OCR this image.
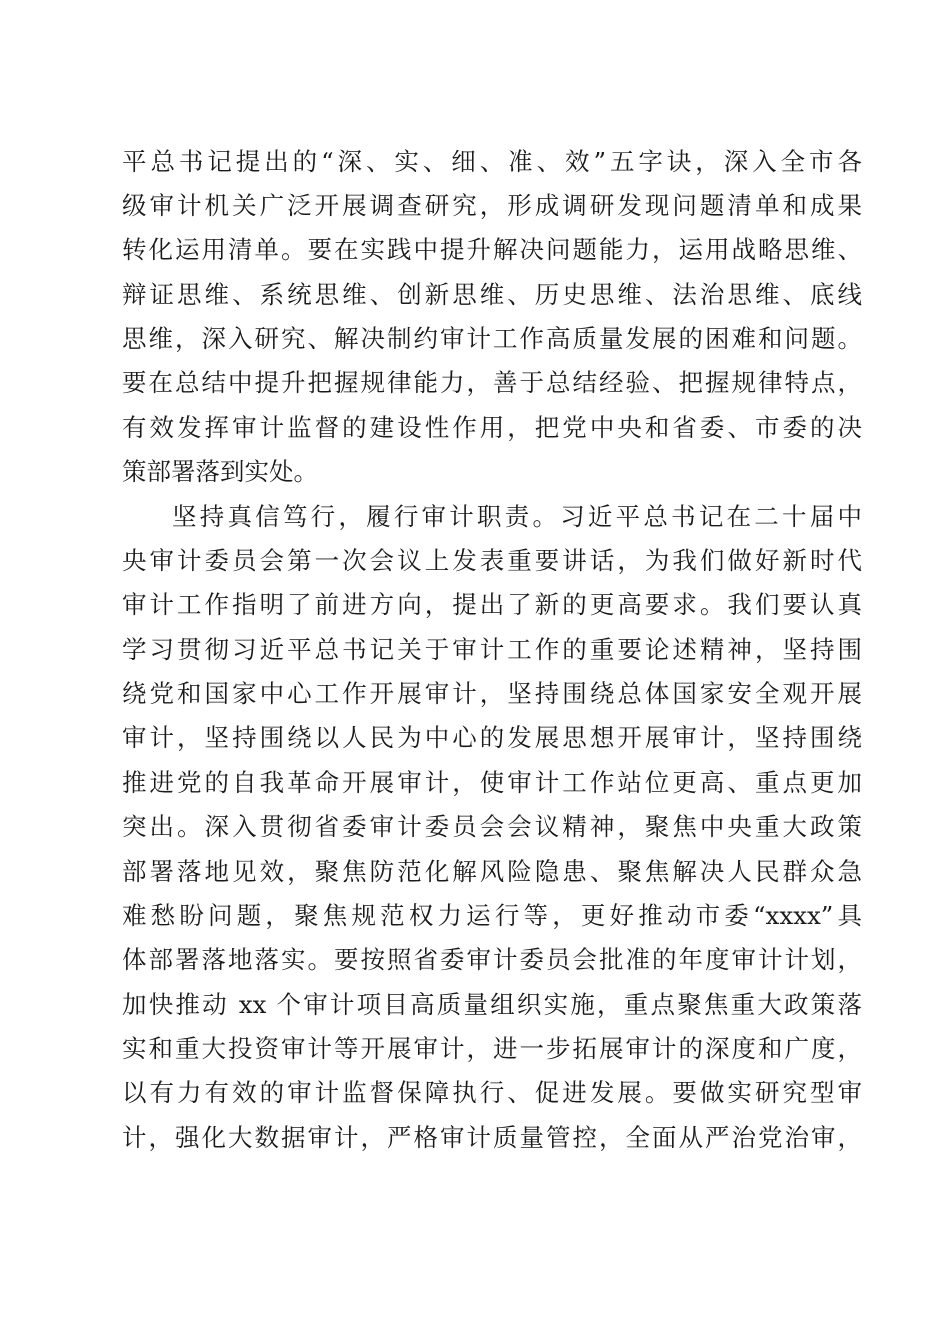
平总书记提出的“深、实、细、准、效”五字诀，深入全市各
级审计机关广泛开展调查研究，形成调研发现问题清单和成果
转化运用清单。要在实践中提升解决问题能力，运用战略思维、
辩证思维、系统思维、创新思维、历史思维、法治思维、底线
思维，深入研究、解决制约审计工作高质量发展的困难和问题。
要在总结中提升把握规律能力，善于总结经验、把握规律特点，
有效发挥审计监督的建设性作用，把党中央和省委、市委的决
策部署落到实处。
坚持真信笃行，履行审计职责。习近平总书记在二十届中
央审计委员会第一次会议上发表重要讲话，为我们做好新时代
审计工作指明了前进方向，提出了新的更高要求。我们要认真
学习贯彻习近平总书记关于审计工作的重要论述精神，坚持围
绕党和国家中心工作开展审计，坚持围绕总体国家安全观开展
审计，坚持围绕以人民为中心的发展思想开展审计，坚持围绕
推进党的自我革命开展审计，使审计工作站位更高、重点更加
突出。深入贯彻省委审计委员会会议精神，聚焦中央重大政策
部署落地见效，聚焦防范化解风险隐患、聚焦解决人民群众急
难愁盼问题，聚焦规范权力运行等，更好推动市委“xxxx”具
体部署落地落实。要按照省委审计委员会批准的年度审计计划，
加快推动 xx 个审计项目高质量组织实施，重点聚焦重大政策落
实和重大投资审计等开展审计，进一步拓展审计的深度和广度，
以有力有效的审计监督保障执行、促进发展。要做实研究型审
计，强化大数据审计，严格审计质量管控，全面从严治党治审，
